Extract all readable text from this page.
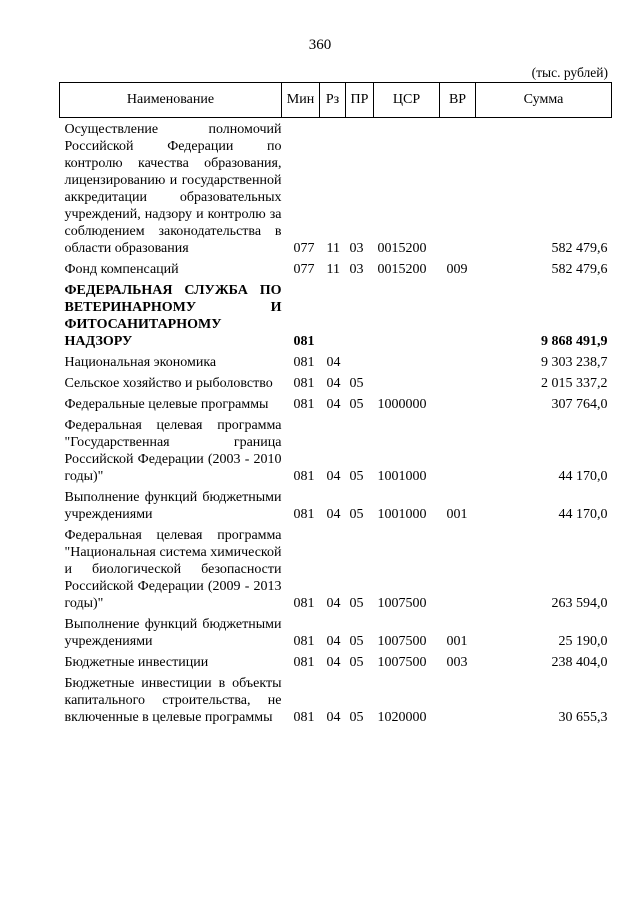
360
(тыс. рублей)
Наименование	Мин	Рз	ПР	ЦСР	ВР	Сумма
Осуществление полномочий Российской Федерации по контролю качества образования, лицензированию и государственной аккредитации образовательных учреждений, надзору и контролю за соблюдением законодательства в области образования	077	11	03	0015200		582 479,6
Фонд компенсаций	077	11	03	0015200	009	582 479,6
ФЕДЕРАЛЬНАЯ СЛУЖБА ПО ВЕТЕРИНАРНОМУ И ФИТОСАНИТАРНОМУ НАДЗОРУ	081					9 868 491,9
Национальная экономика	081	04				9 303 238,7
Сельское хозяйство и рыболовство	081	04	05			2 015 337,2
Федеральные целевые программы	081	04	05	1000000		307 764,0
Федеральная целевая программа "Государственная граница Российской Федерации (2003 - 2010 годы)"	081	04	05	1001000		44 170,0
Выполнение функций бюджетными учреждениями	081	04	05	1001000	001	44 170,0
Федеральная целевая программа "Национальная система химической и биологической безопасности Российской Федерации (2009 - 2013 годы)"	081	04	05	1007500		263 594,0
Выполнение функций бюджетными учреждениями	081	04	05	1007500	001	25 190,0
Бюджетные инвестиции	081	04	05	1007500	003	238 404,0
Бюджетные инвестиции в объекты капитального строительства, не включенные в целевые программы	081	04	05	1020000		30 655,3
